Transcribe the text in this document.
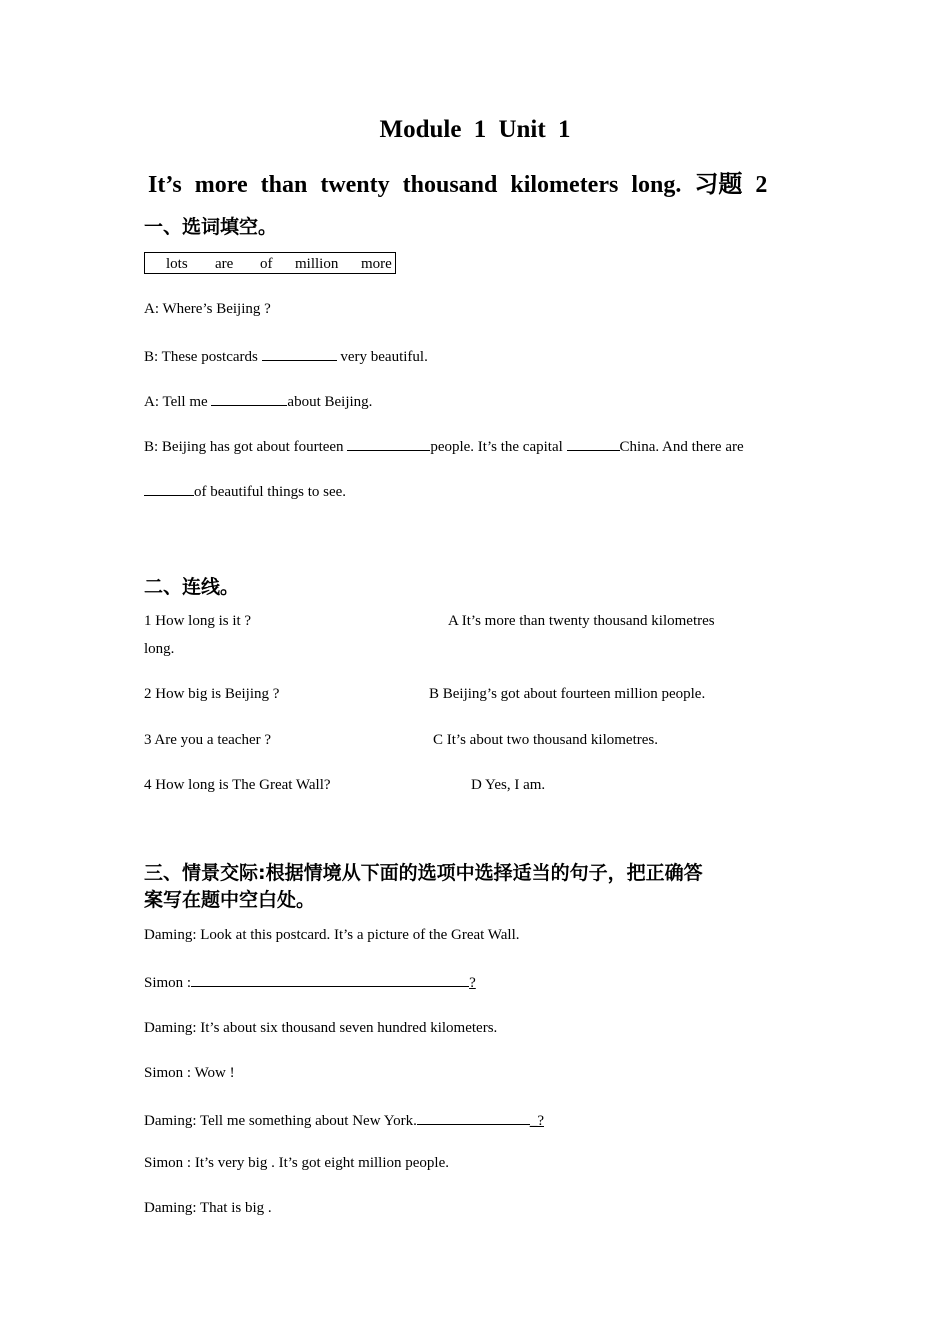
Module 1 Unit 1
It’s more than twenty thousand kilometers long. 习题 2
一、选词填空。
lots are of million more
A: Where’s Beijing ?
B: These postcards	very beautiful.
A: Tell me	about Beijing.
B: Beijing has got about fourteen	people. It’s the capital	China. And there are
of beautiful things to see.
二、连线。
1 How long is it ?	A It’s more than twenty thousand kilometres
long.
2 How big is Beijing ?	B Beijing’s got about fourteen million people.
3 Are you a teacher ?	C It’s about two thousand kilometres.
4 How long is The Great Wall?	D Yes, I am.
三、情景交际:根据情境从下面的选项中选择适当的句子，把正确答
案写在题中空白处。
Daming: Look at this postcard. It’s a picture of the Great Wall.
Simon :	?
Daming: It’s about six thousand seven hundred kilometers.
Simon : Wow !
Daming: Tell me something about New York.	_?
Simon : It’s very big . It’s got eight million people.
Daming: That is big .
